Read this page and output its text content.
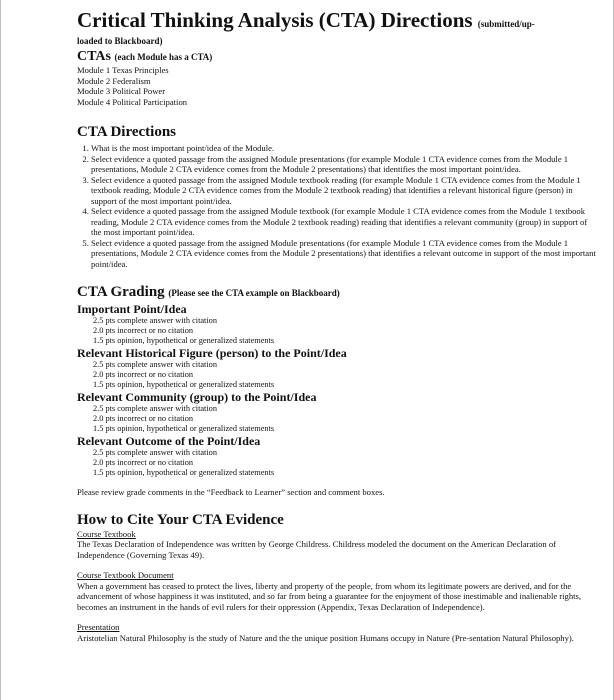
Critical Thinking Analysis (CTA) Directions (submitted/up-

loaded to Blackboard)

CTAs (each Module has a CTA)

Module 1 Texas Principles

Module 2 Federalism

Module 3 Political Power

Module 4 Political Participation

CTA Directions

1. What is the most important point/idea of the Module.
2. Select evidence a quoted passage from the assigned Module presentations (for example Module 1 CTA evidence comes from the Module 1 presentations, Module 2 CTA evidence comes from the Module 2 presentations) that identifies the most important point/idea.
3. Select evidence a quoted passage from the assigned Module textbook reading (for example Module 1 CTA evidence comes from the Module 1 textbook reading, Module 2 CTA evidence comes from the Module 2 textbook reading) that identifies a relevant historical figure (person) in support of the most important point/idea.
4. Select evidence a quoted passage from the assigned Module textbook (for example Module 1 CTA evidence comes from the Module 1 textbook reading, Module 2 CTA evidence comes from the Module 2 textbook reading) reading that identifies a relevant community (group) in support of the most important point/idea.
5. Select evidence a quoted passage from the assigned Module presentations (for example Module 1 CTA evidence comes from the Module 1 presentations, Module 2 CTA evidence comes from the Module 2 presentations) that identifies a relevant outcome in support of the most important point/idea.

CTA Grading (Please see the CTA example on Blackboard)

Important Point/Idea

2.5 pts complete answer with citation

2.0 pts incorrect or no citation

1.5 pts opinion, hypothetical or generalized statements

Relevant Historical Figure (person) to the Point/Idea

2.5 pts complete answer with citation

2.0 pts incorrect or no citation

1.5 pts opinion, hypothetical or generalized statements

Relevant Community (group) to the Point/Idea

2.5 pts complete answer with citation

2.0 pts incorrect or no citation

1.5 pts opinion, hypothetical or generalized statements

Relevant Outcome of the Point/Idea

2.5 pts complete answer with citation

2.0 pts incorrect or no citation

1.5 pts opinion, hypothetical or generalized statements

Please review grade comments in the “Feedback to Learner” section and comment boxes.

How to Cite Your CTA Evidence

Course Textbook

The Texas Declaration of Independence was written by George Childress. Childress modeled the document on the American Declaration of Independence (Governing Texas 49).

Course Textbook Document

When a government has ceased to protect the lives, liberty and property of the people, from whom its legitimate powers are derived, and for the advancement of whose happiness it was instituted, and so far from being a guarantee for the enjoyment of those inestimable and inalienable rights, becomes an instrument in the hands of evil rulers for their oppression (Appendix, Texas Declaration of Independence).

Presentation

Aristotelian Natural Philosophy is the study of Nature and the the unique position Humans occupy in Nature (Pre-sentation Natural Philosophy).
